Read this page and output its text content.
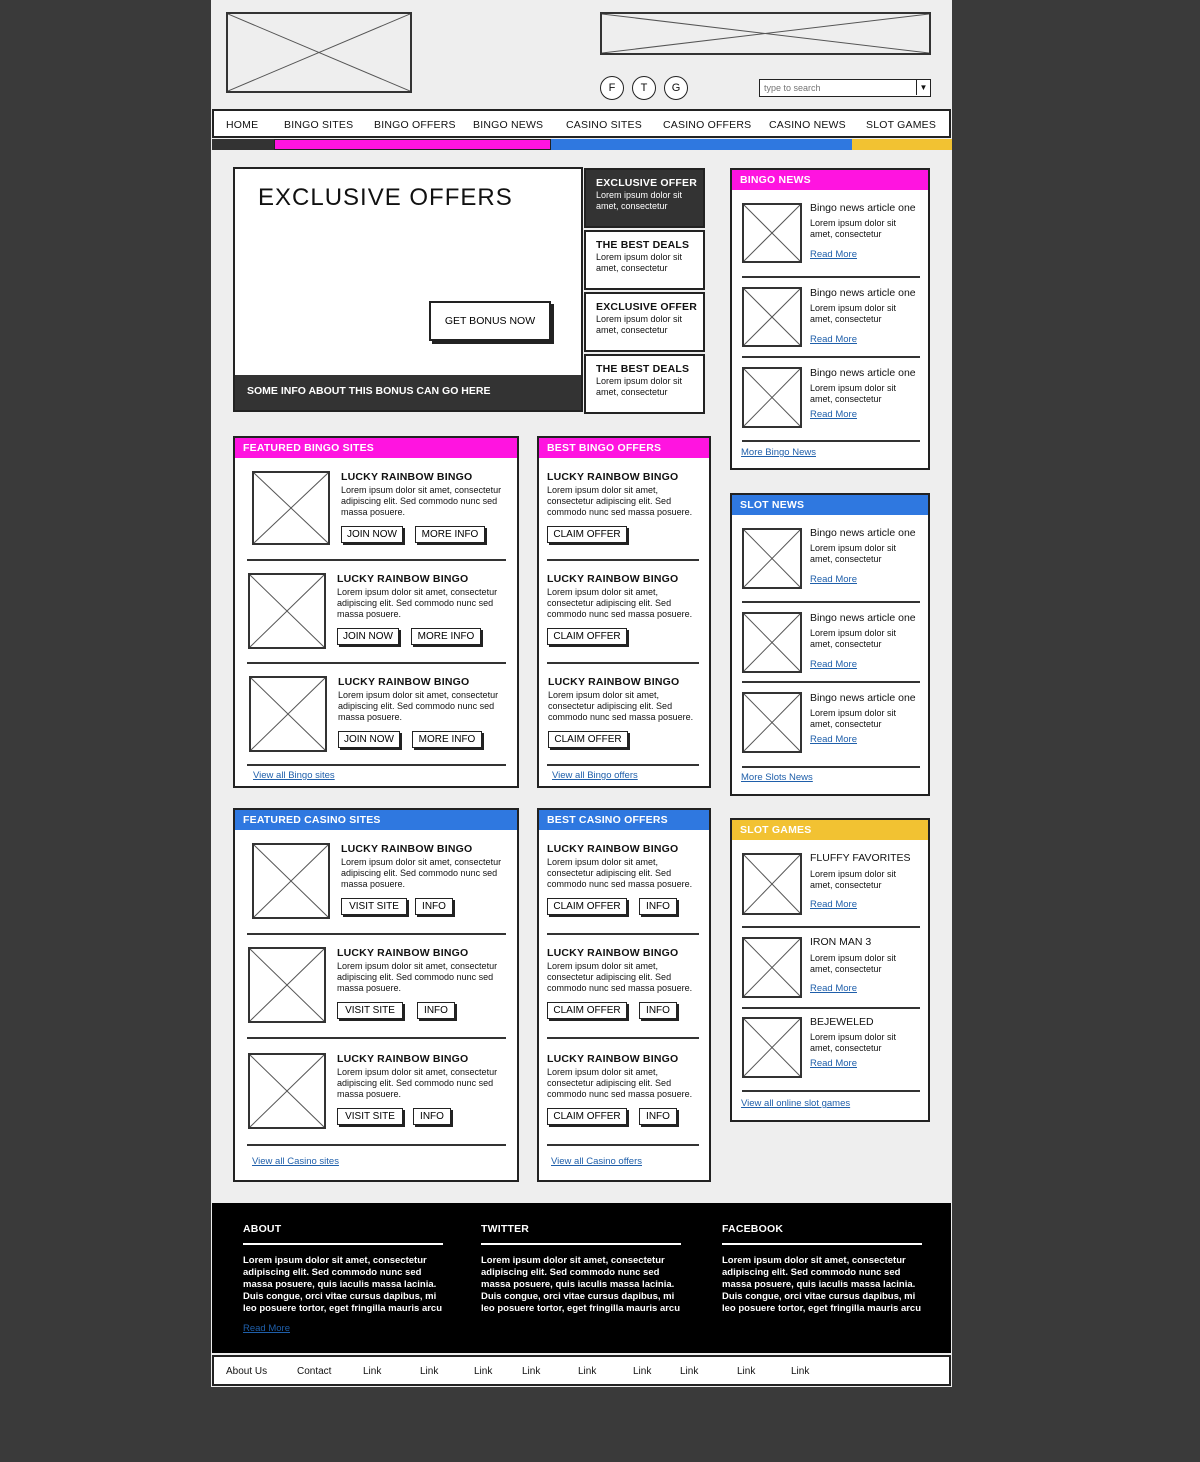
F	T	G
type to search	▼
HOME BINGO SITES BINGO OFFERS BINGO NEWS CASINO SITES CASINO OFFERS CASINO NEWS SLOT GAMES
EXCLUSIVE OFFERS
GET BONUS NOW
SOME INFO ABOUT THIS BONUS CAN GO HERE
EXCLUSIVE OFFER
Lorem ipsum dolor sit amet, consectetur
THE BEST DEALS
Lorem ipsum dolor sit amet, consectetur
EXCLUSIVE OFFER
Lorem ipsum dolor sit amet, consectetur
THE BEST DEALS
Lorem ipsum dolor sit amet, consectetur
FEATURED BINGO SITES
LUCKY RAINBOW BINGO
Lorem ipsum dolor sit amet, consectetur adipiscing elit. Sed commodo nunc sed massa posuere.
JOIN NOW	MORE INFO
LUCKY RAINBOW BINGO
Lorem ipsum dolor sit amet, consectetur adipiscing elit. Sed commodo nunc sed massa posuere.
JOIN NOW	MORE INFO
LUCKY RAINBOW BINGO
Lorem ipsum dolor sit amet, consectetur adipiscing elit. Sed commodo nunc sed massa posuere.
JOIN NOW	MORE INFO
View all Bingo sites
BEST BINGO OFFERS
LUCKY RAINBOW BINGO
Lorem ipsum dolor sit amet, consectetur adipiscing elit. Sed commodo nunc sed massa posuere.
CLAIM OFFER
LUCKY RAINBOW BINGO
Lorem ipsum dolor sit amet, consectetur adipiscing elit. Sed commodo nunc sed massa posuere.
CLAIM OFFER
LUCKY RAINBOW BINGO
Lorem ipsum dolor sit amet, consectetur adipiscing elit. Sed commodo nunc sed massa posuere.
CLAIM OFFER
View all Bingo offers
FEATURED CASINO SITES
LUCKY RAINBOW BINGO
Lorem ipsum dolor sit amet, consectetur adipiscing elit. Sed commodo nunc sed massa posuere.
VISIT SITE	INFO
LUCKY RAINBOW BINGO
Lorem ipsum dolor sit amet, consectetur adipiscing elit. Sed commodo nunc sed massa posuere.
VISIT SITE	INFO
LUCKY RAINBOW BINGO
Lorem ipsum dolor sit amet, consectetur adipiscing elit. Sed commodo nunc sed massa posuere.
VISIT SITE	INFO
View all Casino sites
BEST CASINO OFFERS
LUCKY RAINBOW BINGO
Lorem ipsum dolor sit amet, consectetur adipiscing elit. Sed commodo nunc sed massa posuere.
CLAIM OFFER	INFO
LUCKY RAINBOW BINGO
Lorem ipsum dolor sit amet, consectetur adipiscing elit. Sed commodo nunc sed massa posuere.
CLAIM OFFER	INFO
LUCKY RAINBOW BINGO
Lorem ipsum dolor sit amet, consectetur adipiscing elit. Sed commodo nunc sed massa posuere.
CLAIM OFFER	INFO
View all Casino offers
BINGO NEWS
Bingo news article one
Lorem ipsum dolor sit amet, consectetur
Read More
Bingo news article one
Lorem ipsum dolor sit amet, consectetur
Read More
Bingo news article one
Lorem ipsum dolor sit amet, consectetur
Read More
More Bingo News
SLOT NEWS
Bingo news article one
Lorem ipsum dolor sit amet, consectetur
Read More
Bingo news article one
Lorem ipsum dolor sit amet, consectetur
Read More
Bingo news article one
Lorem ipsum dolor sit amet, consectetur
Read More
More Slots News
SLOT GAMES
FLUFFY FAVORITES
Lorem ipsum dolor sit amet, consectetur
Read More
IRON MAN 3
Lorem ipsum dolor sit amet, consectetur
Read More
BEJEWELED
Lorem ipsum dolor sit amet, consectetur
Read More
View all online slot games
ABOUT
Lorem ipsum dolor sit amet, consectetur adipiscing elit. Sed commodo nunc sed massa posuere, quis iaculis massa lacinia. Duis congue, orci vitae cursus dapibus, mi leo posuere tortor, eget fringilla mauris arcu
Read More
TWITTER
Lorem ipsum dolor sit amet, consectetur adipiscing elit. Sed commodo nunc sed massa posuere, quis iaculis massa lacinia. Duis congue, orci vitae cursus dapibus, mi leo posuere tortor, eget fringilla mauris arcu
FACEBOOK
Lorem ipsum dolor sit amet, consectetur adipiscing elit. Sed commodo nunc sed massa posuere, quis iaculis massa lacinia. Duis congue, orci vitae cursus dapibus, mi leo posuere tortor, eget fringilla mauris arcu
About Us	Contact	Link	Link	Link	Link	Link	Link	Link	Link	Link
